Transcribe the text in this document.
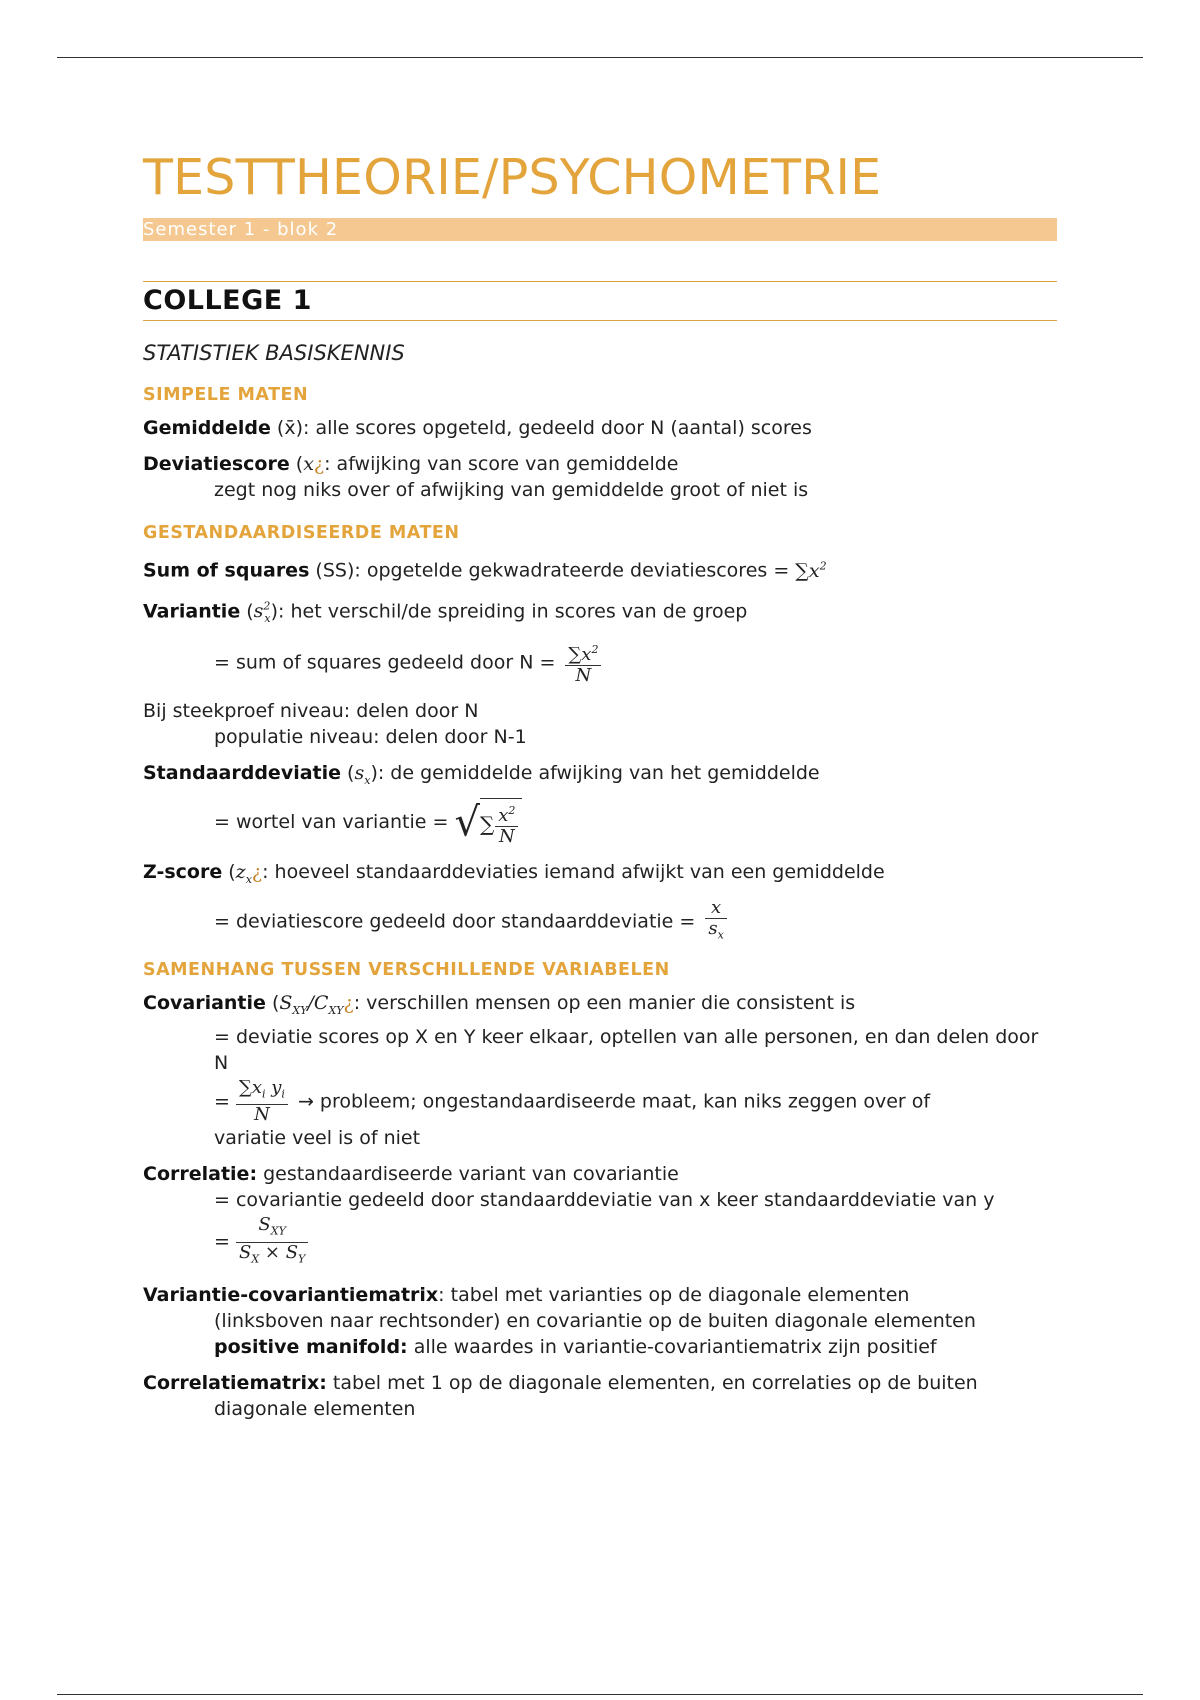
TESTTHEORIE/PSYCHOMETRIE
Semester 1 - blok 2
COLLEGE 1
STATISTIEK BASISKENNIS
SIMPELE MATEN
Gemiddelde (x̄): alle scores opgeteld, gedeeld door N (aantal) scores
Deviatiescore (x¿: afwijking van score van gemiddelde
zegt nog niks over of afwijking van gemiddelde groot of niet is
GESTANDAARDISEERDE MATEN
Sum of squares (SS): opgetelde gekwadrateerde deviatiescores = $\sum x^2$
Variantie $(s^2_x)$: het verschil/de spreiding in scores van de groep
= sum of squares gedeeld door $N = \frac{\sum x^2}{N}$
Bij steekproef niveau: delen door N
populatie niveau: delen door N-1
Standaarddeviatie $(s_x)$: de gemiddelde afwijking van het gemiddelde
= wortel van variantie = √∑ $\frac{x^2}{N}$
Z-score ($z_x¿$: hoeveel standaarddeviaties iemand afwijkt van een gemiddelde
= deviatiescore gedeeld door standaarddeviatie = $\frac{x}{s_x}$
SAMENHANG TUSSEN VERSCHILLENDE VARIABELEN
Covariantie ($S_{XY}/C_{XY}¿$: verschillen mensen op een manier die consistent is
= deviatie scores op X en Y keer elkaar, optellen van alle personen, en dan delen door N
= $\frac{\sum x_i y_i}{N}$ → probleem; ongestandaardiseerde maat, kan niks zeggen over of
variatie veel is of niet
Correlatie: gestandaardiseerde variant van covariantie
= covariantie gedeeld door standaarddeviatie van x keer standaarddeviatie van y
= $\frac{S_{XY}}{S_X \times S_Y}$
Variantie-covariantiematrix: tabel met varianties op de diagonale elementen
(linksboven naar rechtsonder) en covariantie op de buiten diagonale elementen
positive manifold: alle waardes in variantie-covariantiematrix zijn positief
Correlatiematrix: tabel met 1 op de diagonale elementen, en correlaties op de buiten
diagonale elementen
